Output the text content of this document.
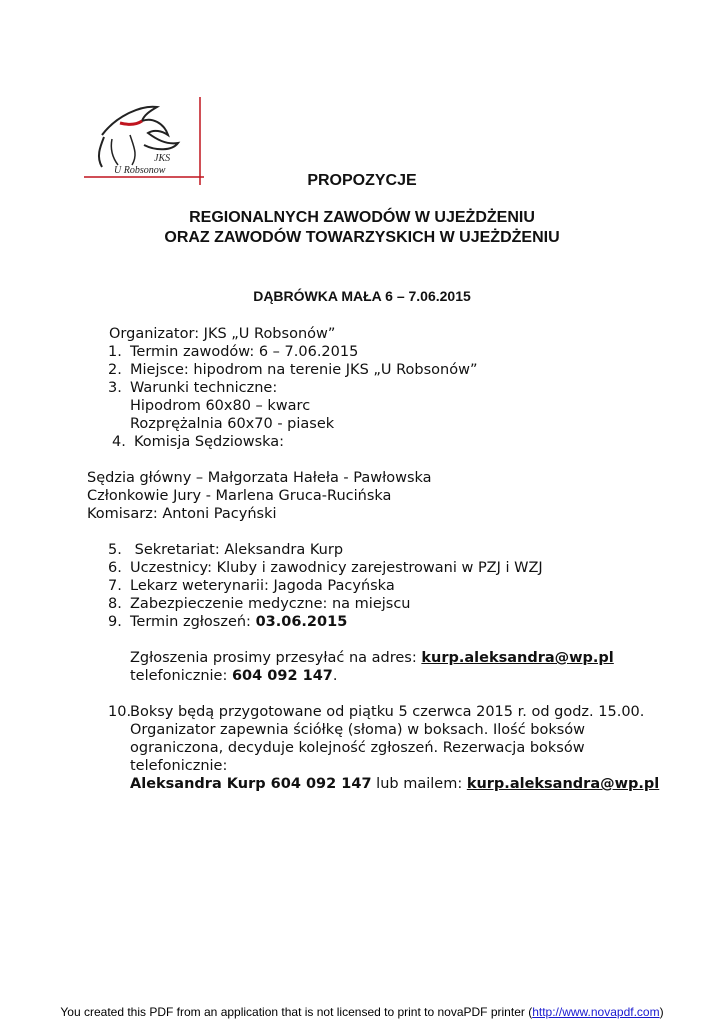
JKS
U Robsonow
PROPOZYCJE
REGIONALNYCH ZAWODÓW W UJEŻDŻENIU
ORAZ ZAWODÓW TOWARZYSKICH W UJEŻDŻENIU
DĄBRÓWKA MAŁA 6 – 7.06.2015
Organizator: JKS „U Robsonów”
1. Termin zawodów: 6 – 7.06.2015
2. Miejsce: hipodrom na terenie JKS „U Robsonów”
3. Warunki techniczne:
Hipodrom 60x80 – kwarc
Rozprężalnia 60x70 - piasek
4. Komisja Sędziowska:
Sędzia główny – Małgorzata Hałeła - Pawłowska
Członkowie Jury - Marlena Gruca-Rucińska
Komisarz: Antoni Pacyński
5. Sekretariat: Aleksandra Kurp
6. Uczestnicy: Kluby i zawodnicy zarejestrowani w PZJ i WZJ
7. Lekarz weterynarii: Jagoda Pacyńska
8. Zabezpieczenie medyczne: na miejscu
9. Termin zgłoszeń: 03.06.2015
Zgłoszenia prosimy przesyłać na adres: kurp.aleksandra@wp.pl
telefonicznie: 604 092 147.
10.Boksy będą przygotowane od piątku 5 czerwca 2015 r. od godz. 15.00.
Organizator zapewnia ściółkę (słoma) w boksach. Ilość boksów
ograniczona, decyduje kolejność zgłoszeń. Rezerwacja boksów
telefonicznie:
Aleksandra Kurp 604 092 147 lub mailem: kurp.aleksandra@wp.pl
You created this PDF from an application that is not licensed to print to novaPDF printer (http://www.novapdf.com)
